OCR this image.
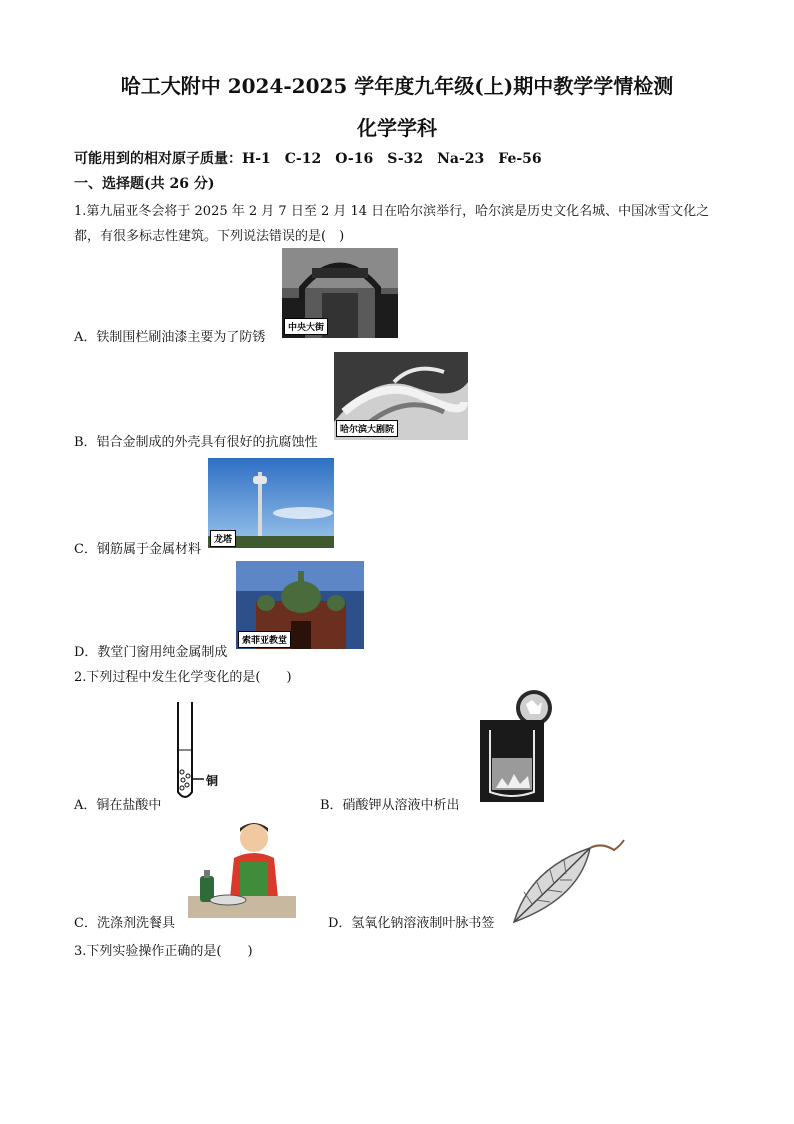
哈工大附中 2024-2025 学年度九年级(上)期中教学学情检测
化学学科
可能用到的相对原子质量：H-1　C-12　O-16　S-32　Na-23　Fe-56
一、选择题(共 26 分)
1.第九届亚冬会将于 2025 年 2 月 7 日至 2 月 14 日在哈尔滨举行，哈尔滨是历史文化名城、中国冰雪文化之
都，有很多标志性建筑。下列说法错误的是(　)
A．铁制围栏刷油漆主要为了防锈
中央大街
B．铝合金制成的外壳具有很好的抗腐蚀性
哈尔滨大剧院
C．钢筋属于金属材料
龙塔
D．教堂门窗用纯金属制成
索菲亚教堂
2.下列过程中发生化学变化的是(　　)
A．铜在盐酸中
铜
B．硝酸钾从溶液中析出
C．洗涤剂洗餐具	D．氢氧化钠溶液制叶脉书签
3.下列实验操作正确的是(　　)
